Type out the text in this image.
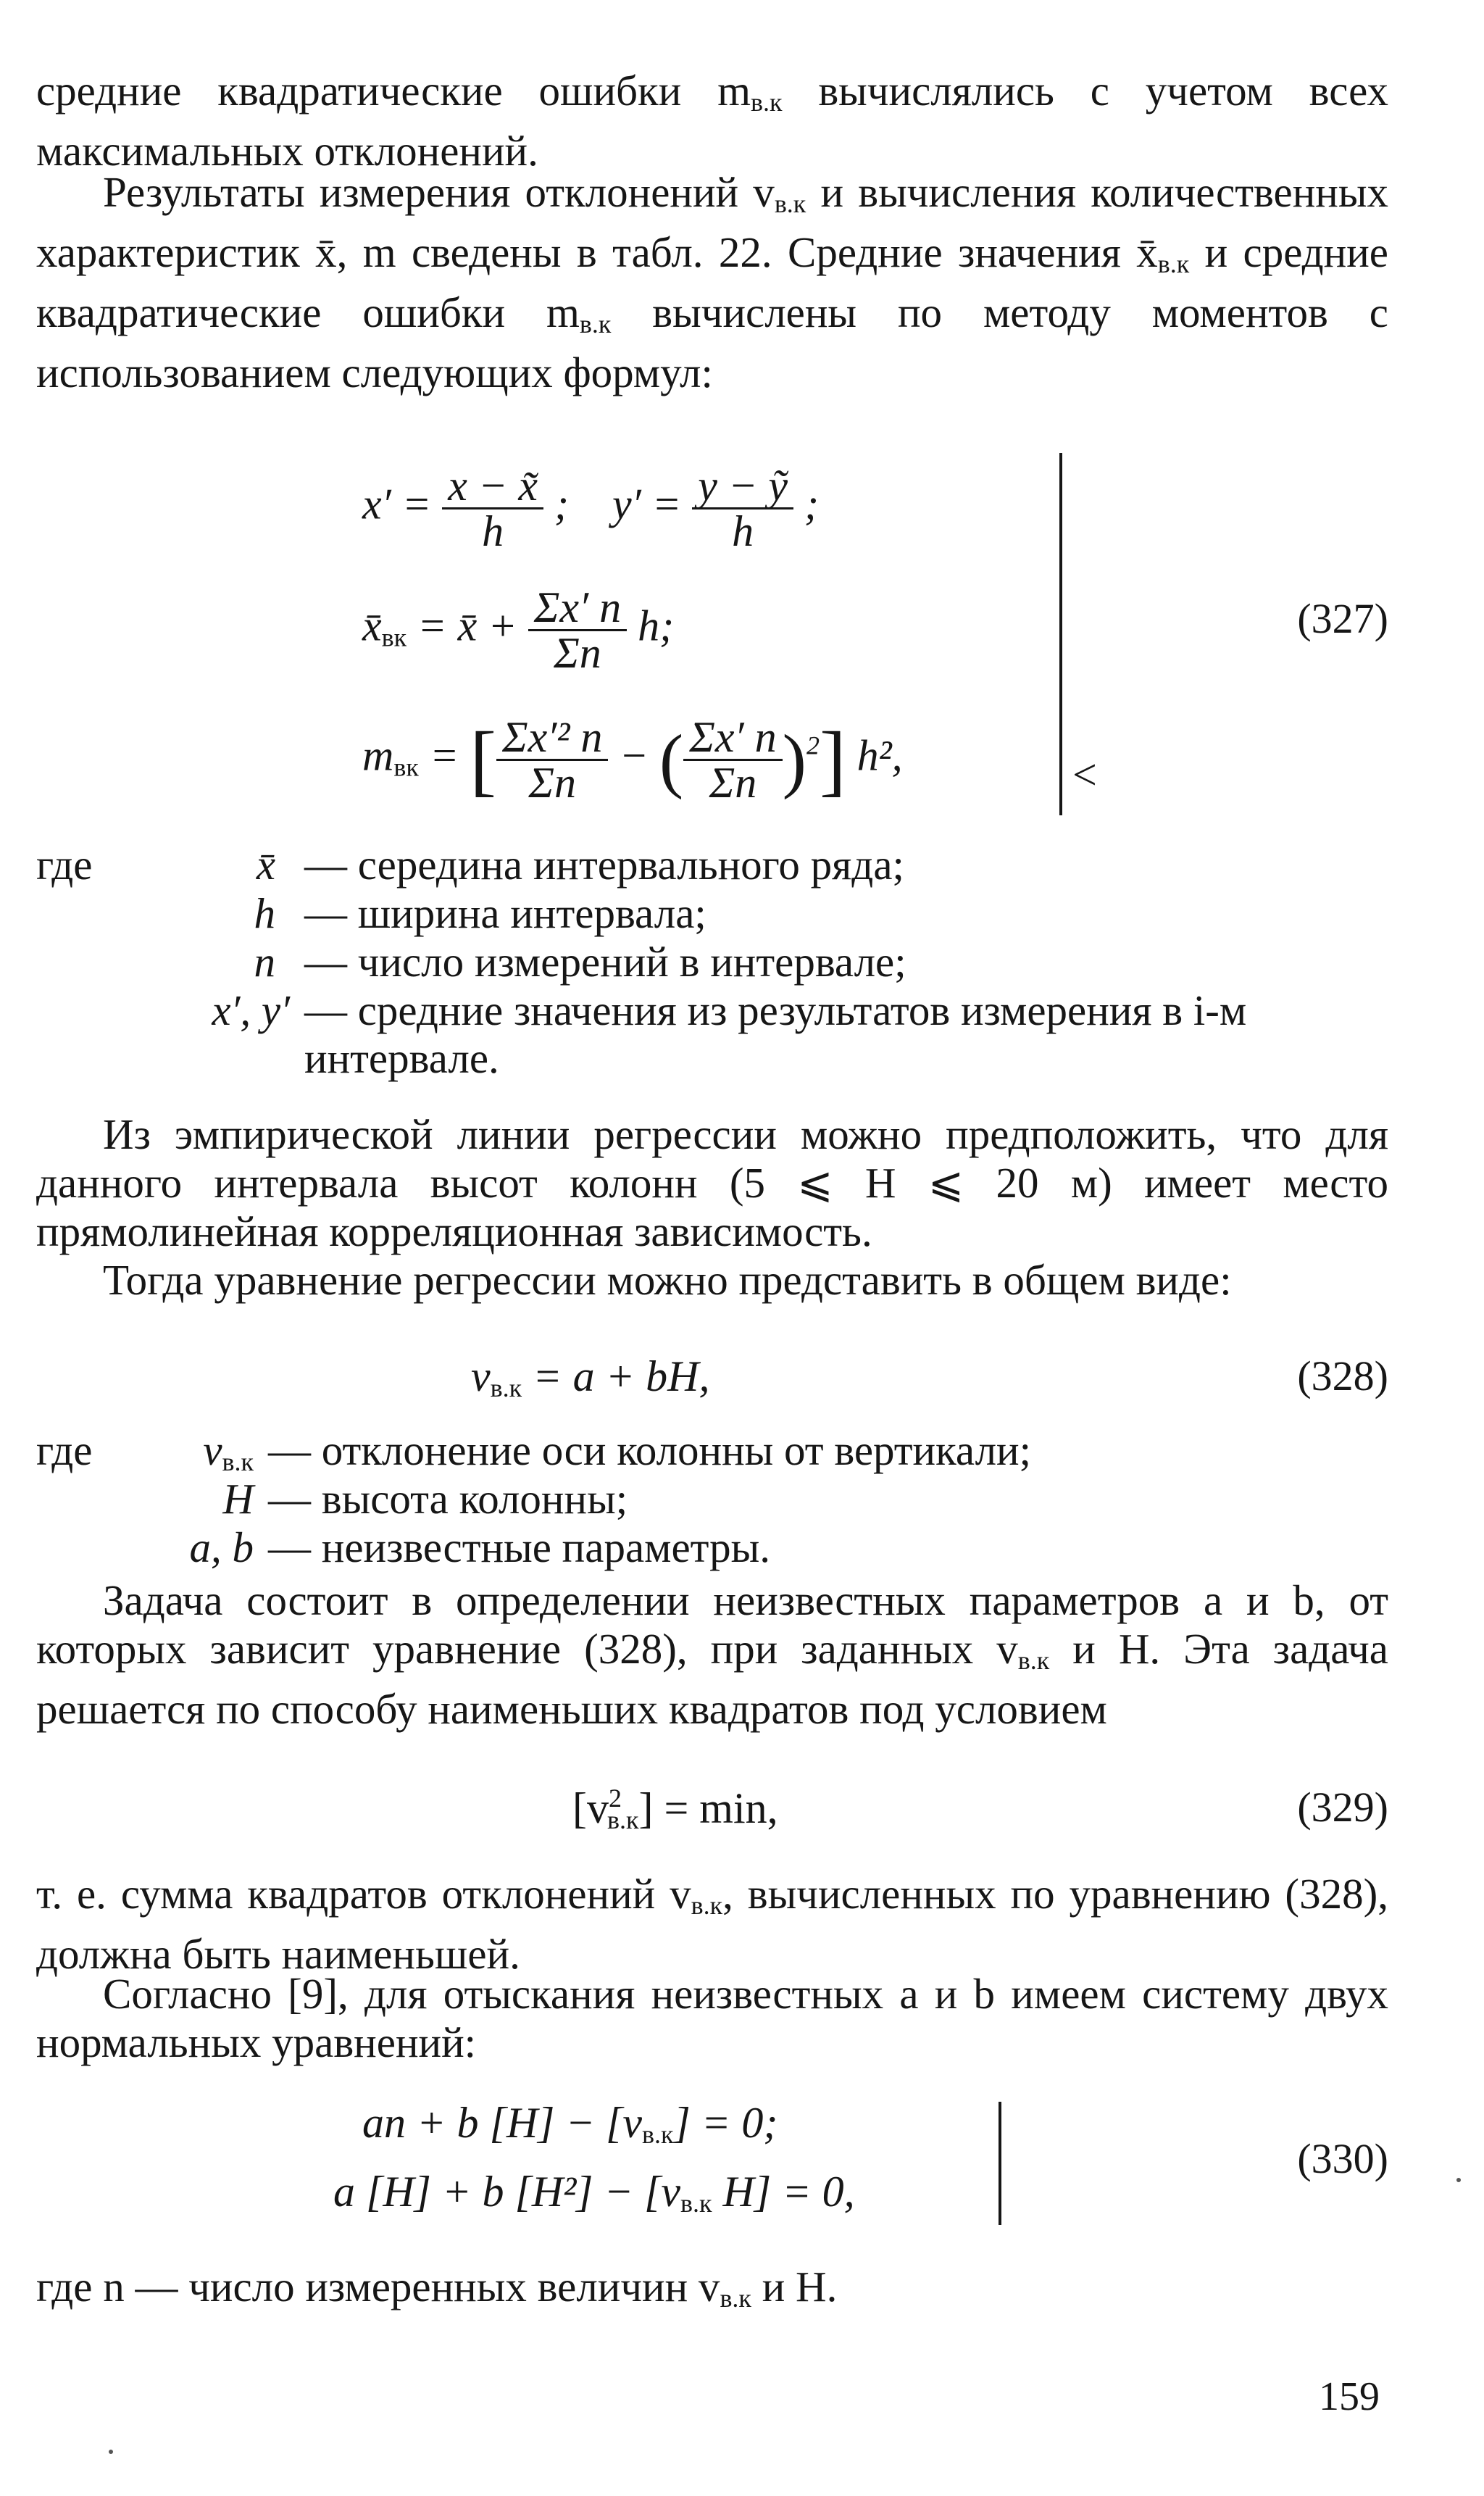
средние квадратические ошибки $m_{в.к}$ вычислялись с учетом всех максимальных отклонений.
Результаты измерения отклонений $v_{в.к}$ и вычисления количественных характеристик x̄, m сведены в табл. 22. Средние значения $x̄_{в.к}$ и средние квадратические ошибки $m_{в.к}$ вычислены по методу моментов с использованием следующих формул:
$x' = \frac{x - x̃}{h}$ ; $y' = \frac{\text{y − ỹ}}{h}$ ;
$x̄_{вк}$ = x̄ + $\frac{\Sigma x' n}{\Sigma n} h$;
$m_{вк}$ = [ $\frac{\text{Σx′² n}}{\Sigma n}$ − ( $\frac{\Sigma x' n}{\Sigma n} )^2$] h²,	<
(327)
где	x̄ — середина интервального ряда;
h — ширина интервала;
n — число измерений в интервале;
x′, y′ — средние значения из результатов измерения в i-м интервале.
Из эмпирической линии регрессии можно предположить, что для данного интервала высот колонн (5 ⩽ H ⩽ 20 м) имеет место прямолинейная корреляционная зависимость.
Тогда уравнение регрессии можно представить в общем виде:
$v_{в.к} = a$ + bH,	(328)
где	$v_{в.к}$ — отклонение оси колонны от вертикали;
H — высота колонны;
a, b — неизвестные параметры.
Задача состоит в определении неизвестных параметров a и b, от которых зависит уравнение (328), при заданных $v_{в.к}$ и H. Эта задача решается по способу наименьших квадратов под условием
$[v^2_{в.к}] = \min$,	(329)
т. е. сумма квадратов отклонений $v_{в.к}$, вычисленных по уравнению (328), должна быть наименьшей.
Согласно [9], для отыскания неизвестных a и b имеем систему двух нормальных уравнений:
an + b $[H] - [v_{в.к}] = 0$;
a [H] + b $[H^2] - [v_{в.к}$ H] = 0,
(330)
где n — число измеренных величин $v_{в.к}$ и H.
159
